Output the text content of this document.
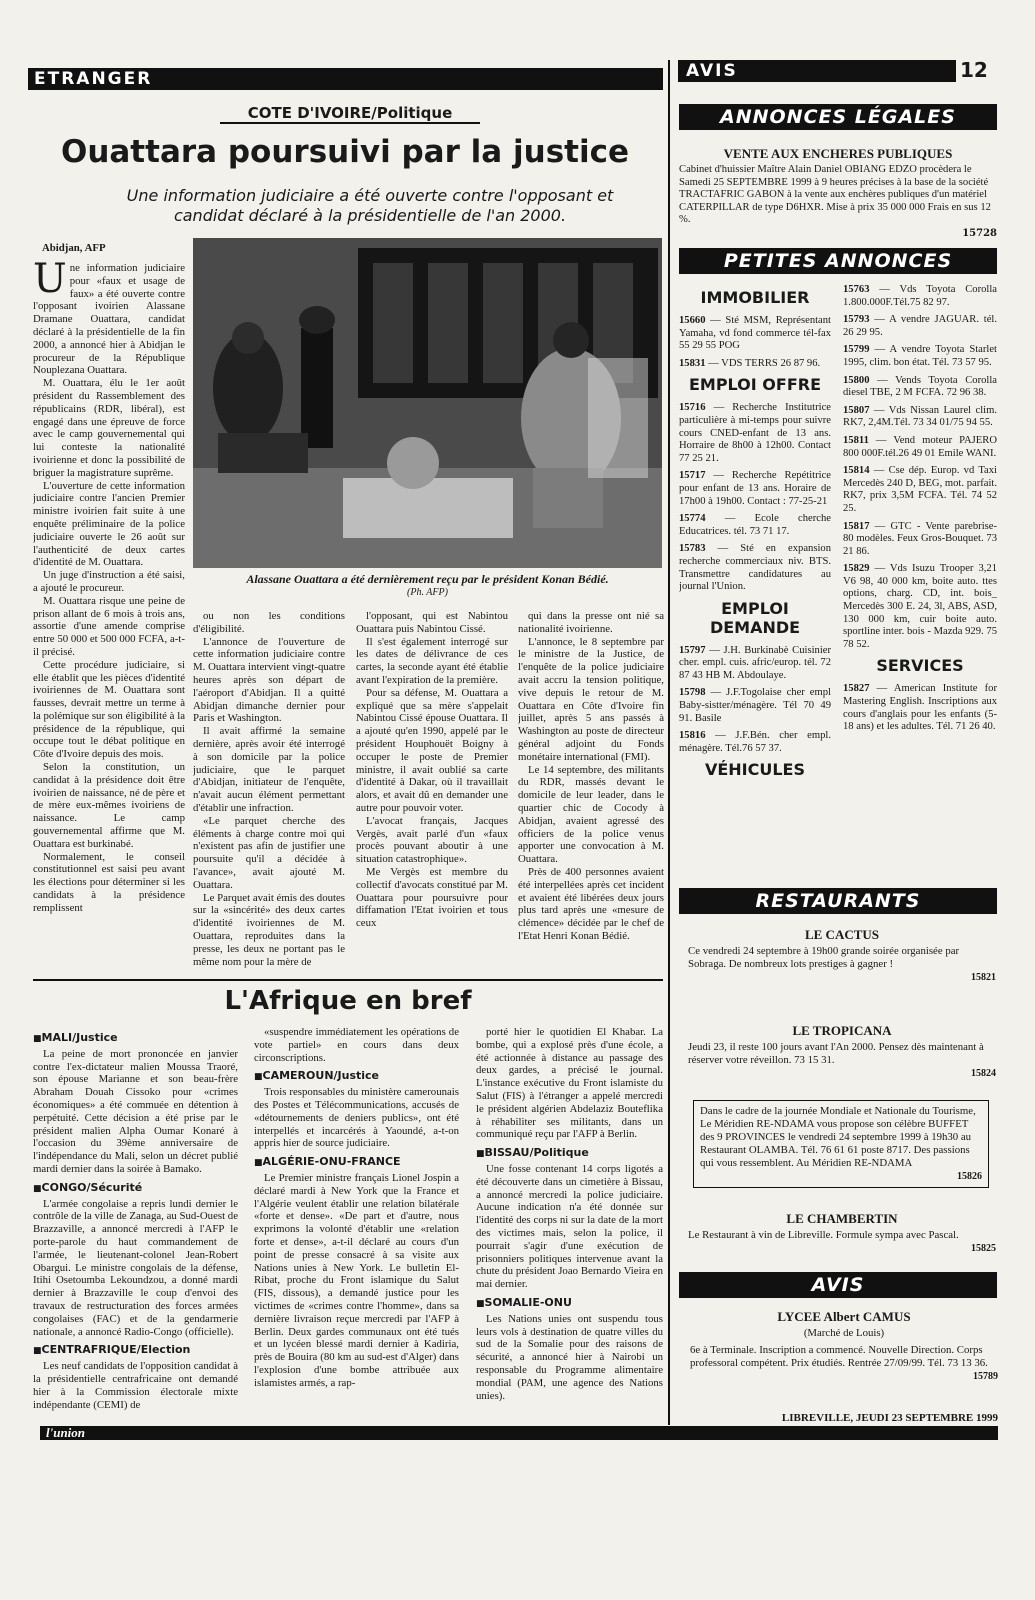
ETRANGER	AVIS	12
COTE D'IVOIRE/Politique
Ouattara poursuivi par la justice
Une information judiciaire a été ouverte contre l'opposant et candidat déclaré à la présidentielle de l'an 2000.
Abidjan, AFP
Alassane Ouattara a été dernièrement reçu par le président Konan Bédié.
(Ph. AFP)

Une information judiciaire pour «faux et usage de faux» a été ouverte contre l'opposant ivoirien Alassane Dramane Ouattara, candidat déclaré à la présidentielle de la fin 2000, a annoncé hier à Abidjan le procureur de la République Nouplezana Ouattara.

M. Ouattara, élu le 1er août président du Rassemblement des républicains (RDR, libéral), est engagé dans une épreuve de force avec le camp gouvernemental qui lui conteste la nationalité ivoirienne et donc la possibilité de briguer la magistrature suprême.

L'ouverture de cette information judiciaire contre l'ancien Premier ministre ivoirien fait suite à une enquête préliminaire de la police judiciaire ouverte le 26 août sur l'authenticité de deux cartes d'identité de M. Ouattara.

Un juge d'instruction a été saisi, a ajouté le procureur.

M. Ouattara risque une peine de prison allant de 6 mois à trois ans, assortie d'une amende comprise entre 50 000 et 500 000 FCFA, a-t-il précisé.

Cette procédure judiciaire, si elle établit que les pièces d'identité ivoiriennes de M. Ouattara sont fausses, devrait mettre un terme à la polémique sur son éligibilité à la présidence de la république, qui occupe tout le débat politique en Côte d'Ivoire depuis des mois.

Selon la constitution, un candidat à la présidence doit être ivoirien de naissance, né de père et de mère eux-mêmes ivoiriens de naissance. Le camp gouvernemental affirme que M. Ouattara est burkinabé.

Normalement, le conseil constitutionnel est saisi peu avant les élections pour déterminer si les candidats à la présidence remplissent

ou non les conditions d'éligibilité.

L'annonce de l'ouverture de cette information judiciaire contre M. Ouattara intervient vingt-quatre heures après son départ de l'aéroport d'Abidjan. Il a quitté Abidjan dimanche dernier pour Paris et Washington.

Il avait affirmé la semaine dernière, après avoir été interrogé à son domicile par la police judiciaire, que le parquet d'Abidjan, initiateur de l'enquête, n'avait aucun élément permettant d'établir une infraction.

«Le parquet cherche des éléments à charge contre moi qui n'existent pas afin de justifier une poursuite qu'il a décidée à l'avance», avait ajouté M. Ouattara.

Le Parquet avait émis des doutes sur la «sincérité» des deux cartes d'identité ivoiriennes de M. Ouattara, reproduites dans la presse, les deux ne portant pas le même nom pour la mère de

l'opposant, qui est Nabintou Ouattara puis Nabintou Cissé.

Il s'est également interrogé sur les dates de délivrance de ces cartes, la seconde ayant été établie avant l'expiration de la première.

Pour sa défense, M. Ouattara a expliqué que sa mère s'appelait Nabintou Cissé épouse Ouattara. Il a ajouté qu'en 1990, appelé par le président Houphouët Boigny à occuper le poste de Premier ministre, il avait oublié sa carte d'identité à Dakar, où il travaillait alors, et avait dû en demander une autre pour pouvoir voter.

L'avocat français, Jacques Vergès, avait parlé d'un «faux procès pouvant aboutir à une situation catastrophique».

Me Vergès est membre du collectif d'avocats constitué par M. Ouattara pour poursuivre pour diffamation l'Etat ivoirien et tous ceux

qui dans la presse ont nié sa nationalité ivoirienne.

L'annonce, le 8 septembre par le ministre de la Justice, de l'enquête de la police judiciaire avait accru la tension politique, vive depuis le retour de M. Ouattara en Côte d'Ivoire fin juillet, après 5 ans passés à Washington au poste de directeur général adjoint du Fonds monétaire international (FMI).

Le 14 septembre, des militants du RDR, massés devant le domicile de leur leader, dans le quartier chic de Cocody à Abidjan, avaient agressé des officiers de la police venus apporter une convocation à M. Ouattara.

Près de 400 personnes avaient été interpellées après cet incident et avaient été libérées deux jours plus tard après une «mesure de clémence» décidée par le chef de l'Etat Henri Konan Bédié.

L'Afrique en bref
■ MALI/Justice

La peine de mort prononcée en janvier contre l'ex-dictateur malien Moussa Traoré, son épouse Marianne et son beau-frère Abraham Douah Cissoko pour «crimes économiques» a été commuée en détention à perpétuité. Cette décision a été prise par le président malien Alpha Oumar Konaré à l'occasion du 39ème anniversaire de l'indépendance du Mali, selon un décret publié mardi dernier dans la soirée à Bamako.

■ CONGO/Sécurité

L'armée congolaise a repris lundi dernier le contrôle de la ville de Zanaga, au Sud-Ouest de Brazzaville, a annoncé mercredi à l'AFP le porte-parole du haut commandement de l'armée, le lieutenant-colonel Jean-Robert Obargui. Le ministre congolais de la défense, Itihi Osetoumba Lekoundzou, a donné mardi dernier à Brazzaville le coup d'envoi des travaux de restructuration des forces armées congolaises (FAC) et de la gendarmerie nationale, a annoncé Radio-Congo (officielle).

■ CENTRAFRIQUE/Election

Les neuf candidats de l'opposition candidat à la présidentielle centrafricaine ont demandé hier à la Commission électorale mixte indépendante (CEMI) de

«suspendre immédiatement les opérations de vote partiel» en cours dans deux circonscriptions.

■ CAMEROUN/Justice

Trois responsables du ministère camerounais des Postes et Télécommunications, accusés de «détournements de deniers publics», ont été interpellés et incarcérés à Yaoundé, a-t-on appris hier de source judiciaire.

■ ALGÉRIE-ONU-FRANCE

Le Premier ministre français Lionel Jospin a déclaré mardi à New York que la France et l'Algérie veulent établir une relation bilatérale «forte et dense». «De part et d'autre, nous exprimons la volonté d'établir une «relation forte et dense», a-t-il déclaré au cours d'un point de presse consacré à sa visite aux Nations unies à New York. Le bulletin El-Ribat, proche du Front islamique du Salut (FIS, dissous), a demandé justice pour les victimes de «crimes contre l'homme», dans sa dernière livraison reçue mercredi par l'AFP à Berlin. Deux gardes communaux ont été tués et un lycéen blessé mardi dernier à Kadiria, près de Bouira (80 km au sud-est d'Alger) dans l'explosion d'une bombe attribuée aux islamistes armés, a rap-

porté hier le quotidien El Khabar. La bombe, qui a explosé près d'une école, a été actionnée à distance au passage des deux gardes, a précisé le journal. L'instance exécutive du Front islamiste du Salut (FIS) à l'étranger a appelé mercredi le président algérien Abdelaziz Bouteflika à réhabiliter ses militants, dans un communiqué reçu par l'AFP à Berlin.

■ BISSAU/Politique

Une fosse contenant 14 corps ligotés a été découverte dans un cimetière à Bissau, a annoncé mercredi la police judiciaire. Aucune indication n'a été donnée sur l'identité des corps ni sur la date de la mort des victimes mais, selon la police, il pourrait s'agir d'une exécution de prisonniers politiques intervenue avant la chute du président Joao Bernardo Vieira en mai dernier.

■ SOMALIE-ONU

Les Nations unies ont suspendu tous leurs vols à destination de quatre villes du sud de la Somalie pour des raisons de sécurité, a annoncé hier à Nairobi un responsable du Programme alimentaire mondial (PAM, une agence des Nations unies).

ANNONCES LÉGALES
VENTE AUX ENCHERES PUBLIQUES

Cabinet d'huissier Maître Alain Daniel OBIANG EDZO procèdera le Samedi 25 SEPTEMBRE 1999 à 9 heures précises à la base de la société TRACTAFRIC GABON à la vente aux enchères publiques d'un matériel CATERPILLAR de type D6HXR. Mise à prix 35 000 000 Frais en sus 12 %.

15728
PETITES ANNONCES
IMMOBILIER

15660 — Sté MSM, Représentant Yamaha, vd fond commerce tél-fax 55 29 55 POG

15831 — VDS TERRS 26 87 96.

EMPLOI OFFRE

15716 — Recherche Institutrice particulière à mi-temps pour suivre cours CNED-enfant de 13 ans. Horraire de 8h00 à 12h00. Contact 77 25 21.

15717 — Recherche Repétitrice pour enfant de 13 ans. Horaire de 17h00 à 19h00. Contact : 77-25-21

15774 — Ecole cherche Educatrices. tél. 73 71 17.

15783 — Sté en expansion recherche commerciaux niv. BTS. Transmettre candidatures au journal l'Union.

EMPLOI DEMANDE

15797 — J.H. Burkinabè Cuisinier cher. empl. cuis. afric/europ. tél. 72 87 43 HB M. Abdoulaye.

15798 — J.F.Togolaise cher empl Baby-sistter/ménagère. Tél 70 49 91. Basile

15816 — J.F.Bén. cher empl. ménagère. Tél.76 57 37.

VÉHICULES

15763 — Vds Toyota Corolla 1.800.000F.Tél.75 82 97.

15793 — A vendre JAGUAR. tél. 26 29 95.

15799 — A vendre Toyota Starlet 1995, clim. bon état. Tél. 73 57 95.

15800 — Vends Toyota Corolla diesel TBE, 2 M FCFA. 72 96 38.

15807 — Vds Nissan Laurel clim. RK7, 2,4M.Tél. 73 34 01/75 94 55.

15811 — Vend moteur PAJERO 800 000F.tél.26 49 01 Emile WANI.

15814 — Cse dép. Europ. vd Taxi Mercedès 240 D, BEG, mot. parfait. RK7, prix 3,5M FCFA. Tél. 74 52 25.

15817 — GTC - Vente parebrise- 80 modèles. Feux Gros-Bouquet. 73 21 86.

15829 — Vds Isuzu Trooper 3,21 V6 98, 40 000 km, boite auto. ttes options, charg. CD, int. bois_ Mercedès 300 E. 24, 3l, ABS, ASD, 130 000 km, cuir boite auto. sportline inter. bois - Mazda 929. 75 78 52.

SERVICES

15827 — American Institute for Mastering English. Inscriptions aux cours d'anglais pour les enfants (5-18 ans) et les adultes. Tél. 71 26 40.

RESTAURANTS
LE CACTUS
Ce vendredi 24 septembre à 19h00 grande soirée organisée par Sobraga. De nombreux lots prestiges à gagner !
15821
LE TROPICANA
Jeudi 23, il reste 100 jours avant l'An 2000. Pensez dès maintenant à réserver votre réveillon. 73 15 31.
15824
Dans le cadre de la journée Mondiale et Nationale du Tourisme, Le Méridien RE-NDAMA vous propose son célèbre BUFFET des 9 PROVINCES le vendredi 24 septembre 1999 à 19h30 au Restaurant OLAMBA. Tél. 76 61 61 poste 8717. Des passions qui vous ressemblent. Au Méridien RE-NDAMA
15826
LE CHAMBERTIN
Le Restaurant à vin de Libreville. Formule sympa avec Pascal.
15825
AVIS
LYCEE Albert CAMUS
(Marché de Louis)
6e à Terminale. Inscription a commencé. Nouvelle Direction. Corps professoral compétent. Prix étudiés. Rentrée 27/09/99. Tél. 73 13 36.
15789
l'union
LIBREVILLE, JEUDI 23 SEPTEMBRE 1999
